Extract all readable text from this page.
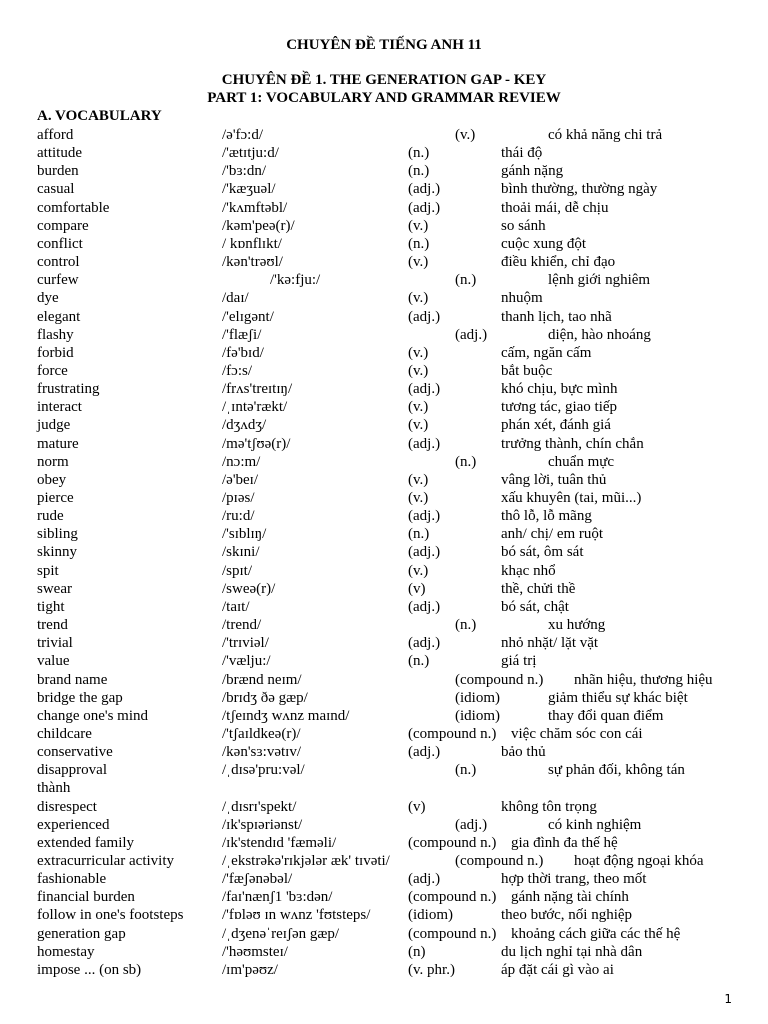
CHUYÊN ĐỀ TIẾNG ANH 11
CHUYÊN ĐỀ 1. THE GENERATION GAP - KEY
PART 1: VOCABULARY AND GRAMMAR REVIEW
A. VOCABULARY
afford	/ə'fɔ:d/	(v.)	có khả năng chi trả
attitude	/'ætɪtju:d/	(n.)	thái độ
burden	/'bɜ:dn/	(n.)	gánh nặng
casual	/'kæʒuəl/	(adj.)	bình thường, thường ngày
comfortable	/'kʌmftəbl/	(adj.)	thoải mái, dễ chịu
compare	/kəm'peə(r)/	(v.)	so sánh
conflict	/ kɒnflɪkt/	(n.)	cuộc xung đột
control	/kən'trəʊl/	(v.)	điều khiển, chỉ đạo
curfew	/'kə:fju:/	(n.)	lệnh giới nghiêm
dye	/daɪ/	(v.)	nhuộm
elegant	/'elɪgənt/	(adj.)	thanh lịch, tao nhã
flashy	/'flæʃi/	(adj.)	diện, hào nhoáng
forbid	/fə'bɪd/	(v.)	cấm, ngăn cấm
force	/fɔ:s/	(v.)	bắt buộc
frustrating	/frʌs'treɪtɪŋ/	(adj.)	khó chịu, bực mình
interact	/ˌɪntə'rækt/	(v.)	tương tác, giao tiếp
judge	/dʒʌdʒ/	(v.)	phán xét, đánh giá
mature	/mə'tʃʊə(r)/	(adj.)	trưởng thành, chín chắn
norm	/nɔ:m/	(n.)	chuẩn mực
obey	/ə'beɪ/	(v.)	vâng lời, tuân thủ
pierce	/pɪəs/	(v.)	xấu khuyên (tai, mũi...)
rude	/ru:d/	(adj.)	thô lỗ, lỗ mãng
sibling	/'sɪblɪŋ/	(n.)	anh/ chị/ em ruột
skinny	/skɪni/	(adj.)	bó sát, ôm sát
spit	/spɪt/	(v.)	khạc nhổ
swear	/sweə(r)/	(v)	thề, chửi thề
tight	/taɪt/	(adj.)	bó sát, chật
trend	/trend/	(n.)	xu hướng
trivial	/'trɪviəl/	(adj.)	nhỏ nhặt/ lặt vặt
value	/'vælju:/	(n.)	giá trị
brand name	/brænd neɪm/	(compound n.) nhãn hiệu, thương hiệu
bridge the gap	/brɪdʒ ðə gæp/	(idiom)	giảm thiểu sự khác biệt
change one's mind	/tʃeɪndʒ wʌnz maɪnd/	(idiom)	thay đổi quan điểm
childcare	/'tʃaɪldkeə(r)/	(compound n.) việc chăm sóc con cái
conservative	/kən'sɜ:vətɪv/	(adj.)	bảo thủ
disapproval	/ˌdɪsə'pru:vəl/	(n.)	sự phản đối, không tán
thành
disrespect	/ˌdɪsrɪ'spekt/	(v)	không tôn trọng
experienced	/ɪk'spɪəriənst/	(adj.)	có kinh nghiệm
extended family	/ɪk'stendɪd 'fæməli/	(compound n.) gia đình đa thế hệ
extracurricular activity	/ˌekstrəkə'rɪkjələr æk' tɪvəti/	(compound n.) hoạt động ngoại khóa
fashionable	/'fæʃənəbəl/	(adj.)	hợp thời trang, theo mốt
financial burden	/faɪ'nænʃ1 'bɜ:dən/	(compound n.) gánh nặng tài chính
follow in one's footsteps	/'fɒləʊ ɪn wʌnz 'fʊtsteps/	(idiom)	theo bước, nối nghiệp
generation gap	/ˌdʒenəˈreɪʃən gæp/	(compound n.) khoảng cách giữa các thế hệ
homestay	/'həʊmsteɪ/	(n)	du lịch nghỉ tại nhà dân
impose ... (on sb)	/ɪm'pəʊz/	(v. phr.)	áp đặt cái gì vào ai
1
